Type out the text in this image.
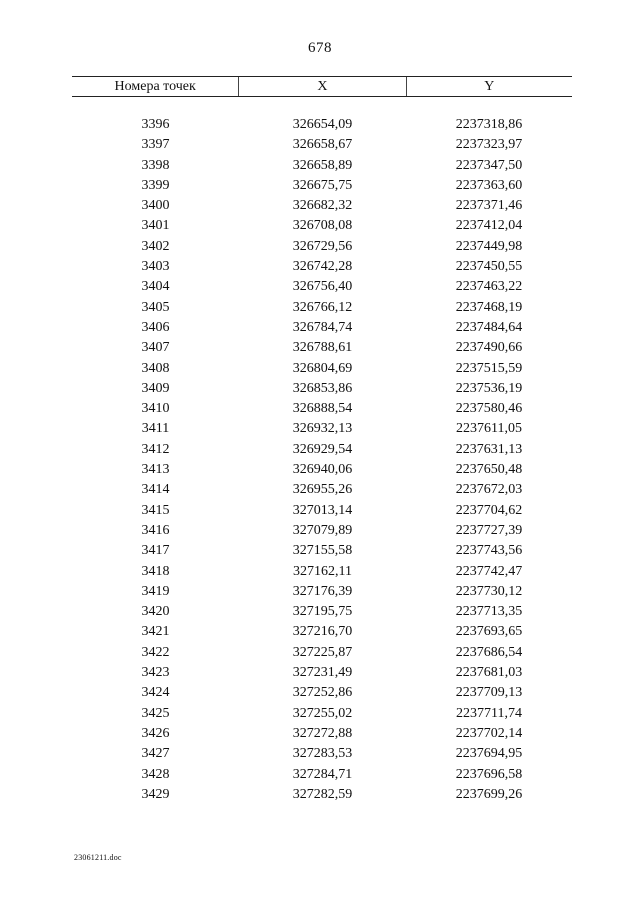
678
Номера точек	X	Y
3396	326654,09	2237318,86
3397	326658,67	2237323,97
3398	326658,89	2237347,50
3399	326675,75	2237363,60
3400	326682,32	2237371,46
3401	326708,08	2237412,04
3402	326729,56	2237449,98
3403	326742,28	2237450,55
3404	326756,40	2237463,22
3405	326766,12	2237468,19
3406	326784,74	2237484,64
3407	326788,61	2237490,66
3408	326804,69	2237515,59
3409	326853,86	2237536,19
3410	326888,54	2237580,46
3411	326932,13	2237611,05
3412	326929,54	2237631,13
3413	326940,06	2237650,48
3414	326955,26	2237672,03
3415	327013,14	2237704,62
3416	327079,89	2237727,39
3417	327155,58	2237743,56
3418	327162,11	2237742,47
3419	327176,39	2237730,12
3420	327195,75	2237713,35
3421	327216,70	2237693,65
3422	327225,87	2237686,54
3423	327231,49	2237681,03
3424	327252,86	2237709,13
3425	327255,02	2237711,74
3426	327272,88	2237702,14
3427	327283,53	2237694,95
3428	327284,71	2237696,58
3429	327282,59	2237699,26
23061211.doc
